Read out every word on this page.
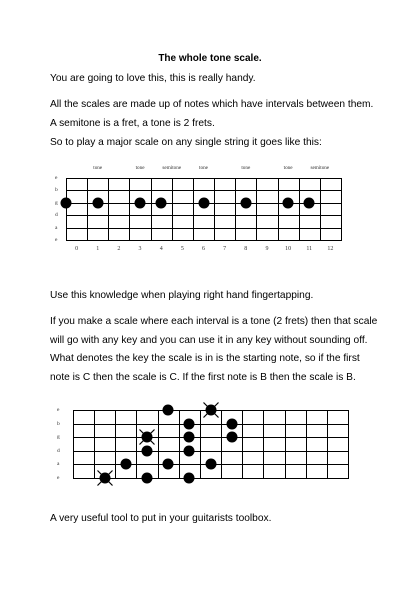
The whole tone scale.
You are going to love this, this is really handy.
All the scales are made up of notes which have intervals between them. A semitone is a fret, a tone is 2 frets.
So to play a major scale on any single string it goes like this:
e
b
g
d
a
e
0	1	2	3	4	5	6	7	8	9	10	11	12
tone	tone	semitone	tone	tone	tone	semitone
Use this knowledge when playing right hand fingertapping.
If you make a scale where each interval is a tone (2 frets) then that scale will go with any key and you can use it in any key without sounding off. What denotes the key the scale is in is the starting note, so if the first note is C then the scale is C. If the first note is B then the scale is B.
e
b
g
d
a
e
A very useful tool to put in your guitarists toolbox.
